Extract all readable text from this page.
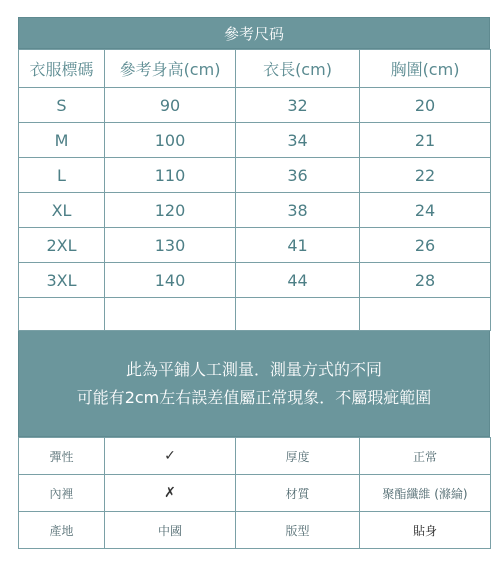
參考尺码
衣服標碼	參考身高(cm)	衣長(cm)	胸圍(cm)
S	90	32	20
M	100	34	21
L	110	36	22
XL	120	38	24
2XL	130	41	26
3XL	140	44	28

此為平鋪人工測量．測量方式的不同
可能有2cm左右誤差值屬正常現象．不屬瑕疵範圍
彈性	✓	厚度	正常
內裡	✗	材質	聚酯纖維 (滌綸)
產地	中國	版型	貼身
